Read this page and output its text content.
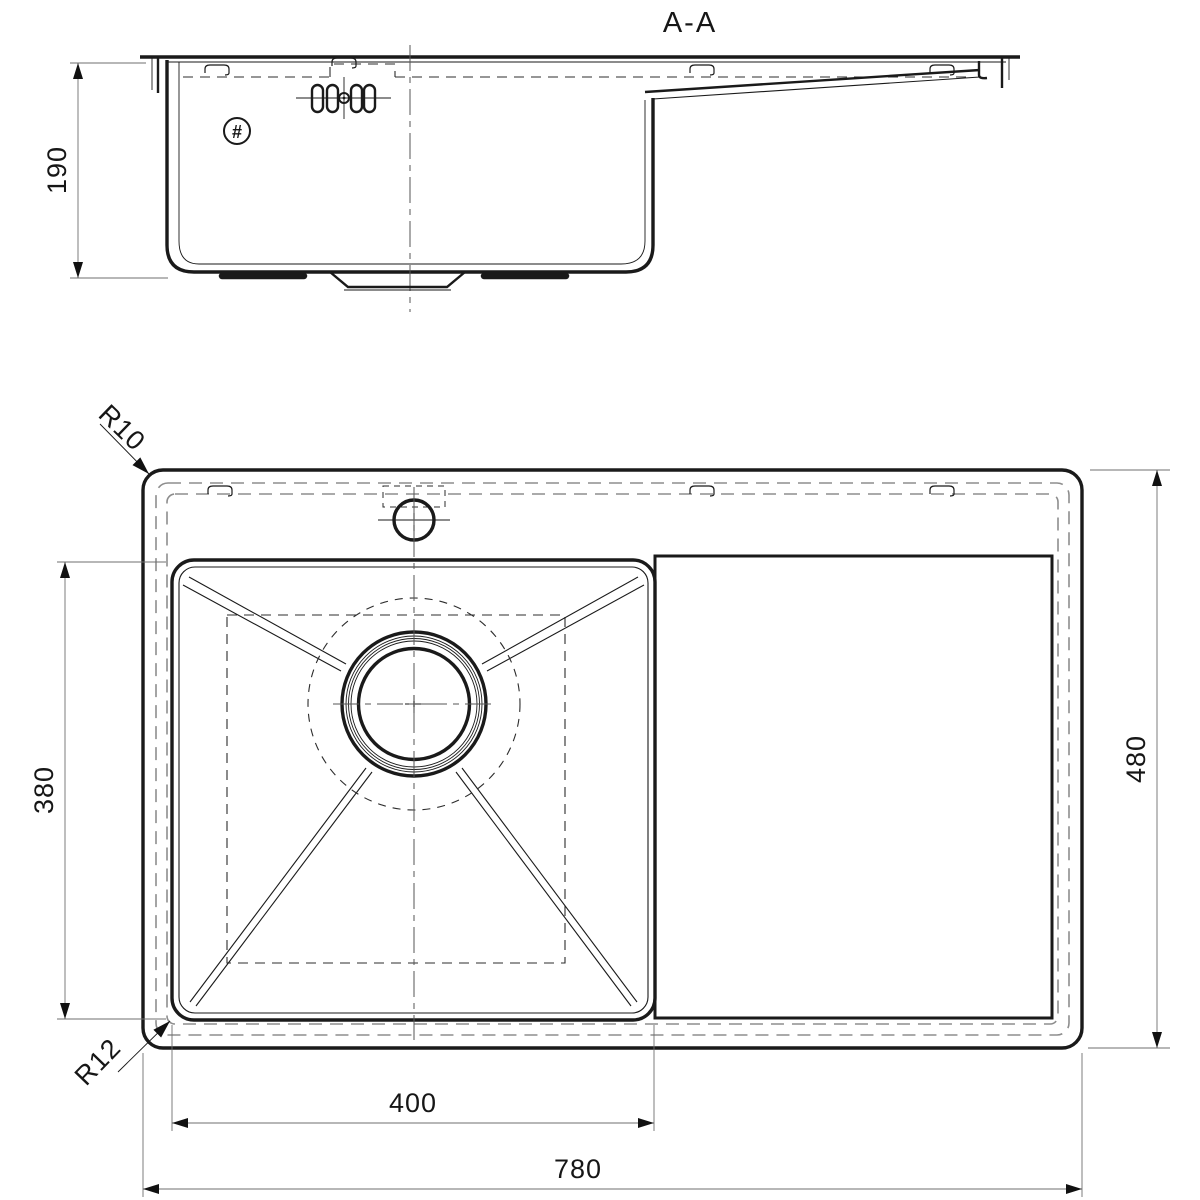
A-A
#
190
R10
R12
380
400
780
480
